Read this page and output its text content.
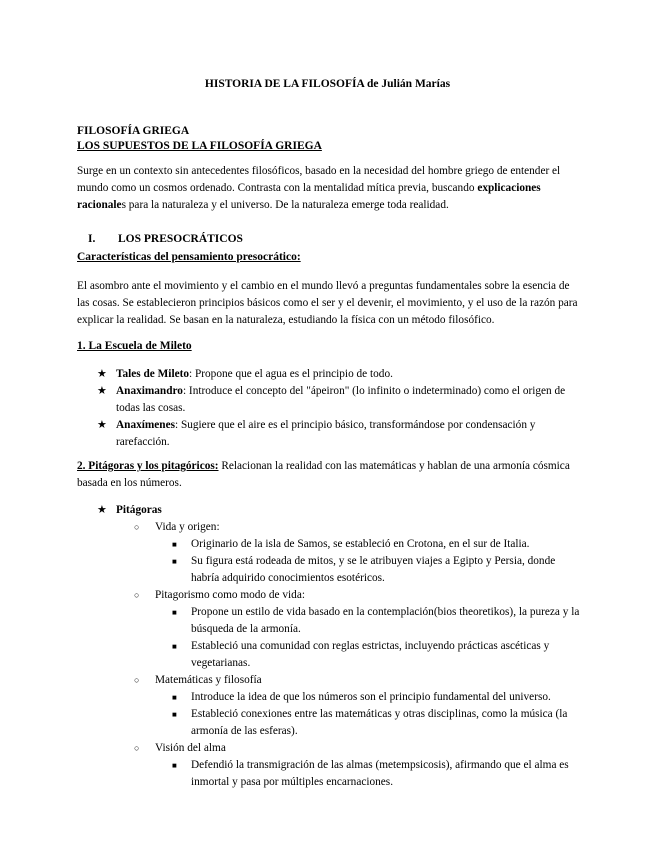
HISTORIA DE LA FILOSOFÍA de Julián Marías
FILOSOFÍA GRIEGA
LOS SUPUESTOS DE LA FILOSOFÍA GRIEGA

Surge en un contexto sin antecedentes filosóficos, basado en la necesidad del hombre griego de entender el mundo como un cosmos ordenado. Contrasta con la mentalidad mítica previa, buscando explicaciones racionales para la naturaleza y el universo. De la naturaleza emerge toda realidad.

I. LOS PRESOCRÁTICOS
Características del pensamiento presocrático:

El asombro ante el movimiento y el cambio en el mundo llevó a preguntas fundamentales sobre la esencia de las cosas. Se establecieron principios básicos como el ser y el devenir, el movimiento, y el uso de la razón para explicar la realidad. Se basan en la naturaleza, estudiando la física con un método filosófico.

1. La Escuela de Mileto
★ Tales de Mileto: Propone que el agua es el principio de todo.
★ Anaximandro: Introduce el concepto del "ápeiron" (lo infinito o indeterminado) como el origen de todas las cosas.
★ Anaxímenes: Sugiere que el aire es el principio básico, transformándose por condensación y rarefacción.

2. Pitágoras y los pitagóricos: Relacionan la realidad con las matemáticas y hablan de una armonía cósmica basada en los números.

★ Pitágoras
○ Vida y origen:
■ Originario de la isla de Samos, se estableció en Crotona, en el sur de Italia.
■ Su figura está rodeada de mitos, y se le atribuyen viajes a Egipto y Persia, donde habría adquirido conocimientos esotéricos.
○ Pitagorismo como modo de vida:
■ Propone un estilo de vida basado en la contemplación(bios theoretikos), la pureza y la búsqueda de la armonía.
■ Estableció una comunidad con reglas estrictas, incluyendo prácticas ascéticas y vegetarianas.
○ Matemáticas y filosofía
■ Introduce la idea de que los números son el principio fundamental del universo.
■ Estableció conexiones entre las matemáticas y otras disciplinas, como la música (la armonía de las esferas).
○ Visión del alma
■ Defendió la transmigración de las almas (metempsicosis), afirmando que el alma es inmortal y pasa por múltiples encarnaciones.
